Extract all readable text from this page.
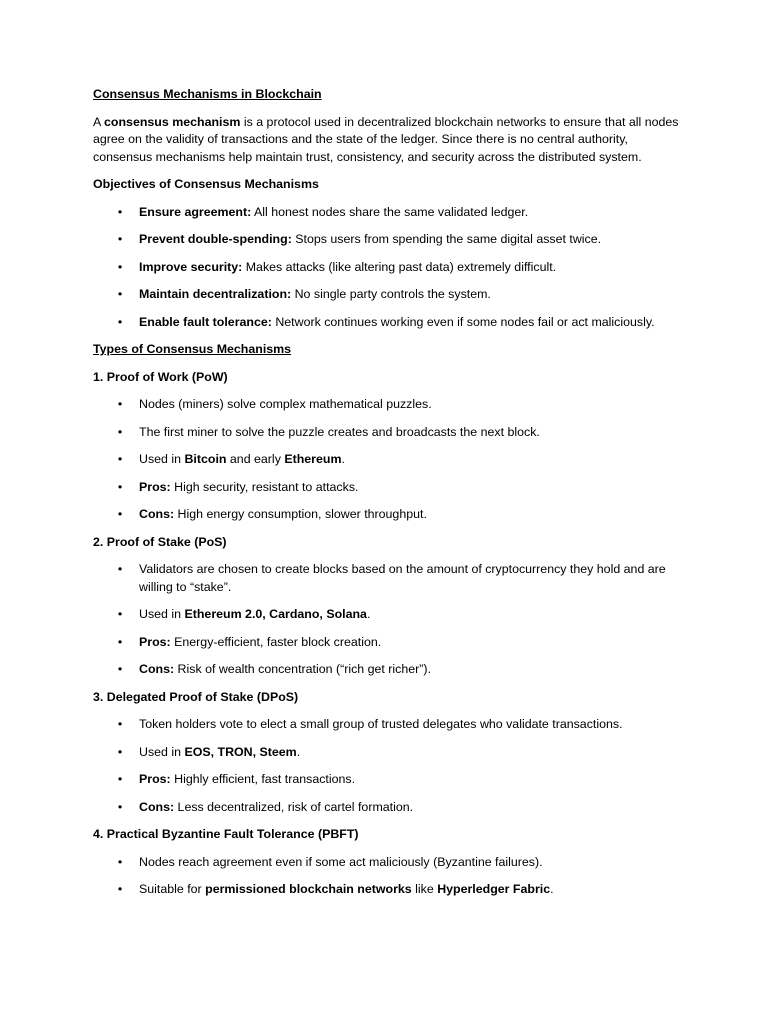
Consensus Mechanisms in Blockchain

A consensus mechanism is a protocol used in decentralized blockchain networks to ensure that all nodes agree on the validity of transactions and the state of the ledger. Since there is no central authority, consensus mechanisms help maintain trust, consistency, and security across the distributed system.

Objectives of Consensus Mechanisms

• Ensure agreement: All honest nodes share the same validated ledger.
• Prevent double-spending: Stops users from spending the same digital asset twice.
• Improve security: Makes attacks (like altering past data) extremely difficult.
• Maintain decentralization: No single party controls the system.
• Enable fault tolerance: Network continues working even if some nodes fail or act maliciously.

Types of Consensus Mechanisms

1. Proof of Work (PoW)

• Nodes (miners) solve complex mathematical puzzles.
• The first miner to solve the puzzle creates and broadcasts the next block.
• Used in Bitcoin and early Ethereum.
• Pros: High security, resistant to attacks.
• Cons: High energy consumption, slower throughput.

2. Proof of Stake (PoS)

• Validators are chosen to create blocks based on the amount of cryptocurrency they hold and are willing to “stake”.
• Used in Ethereum 2.0, Cardano, Solana.
• Pros: Energy-efficient, faster block creation.
• Cons: Risk of wealth concentration (“rich get richer”).

3. Delegated Proof of Stake (DPoS)

• Token holders vote to elect a small group of trusted delegates who validate transactions.
• Used in EOS, TRON, Steem.
• Pros: Highly efficient, fast transactions.
• Cons: Less decentralized, risk of cartel formation.

4. Practical Byzantine Fault Tolerance (PBFT)

• Nodes reach agreement even if some act maliciously (Byzantine failures).
• Suitable for permissioned blockchain networks like Hyperledger Fabric.
